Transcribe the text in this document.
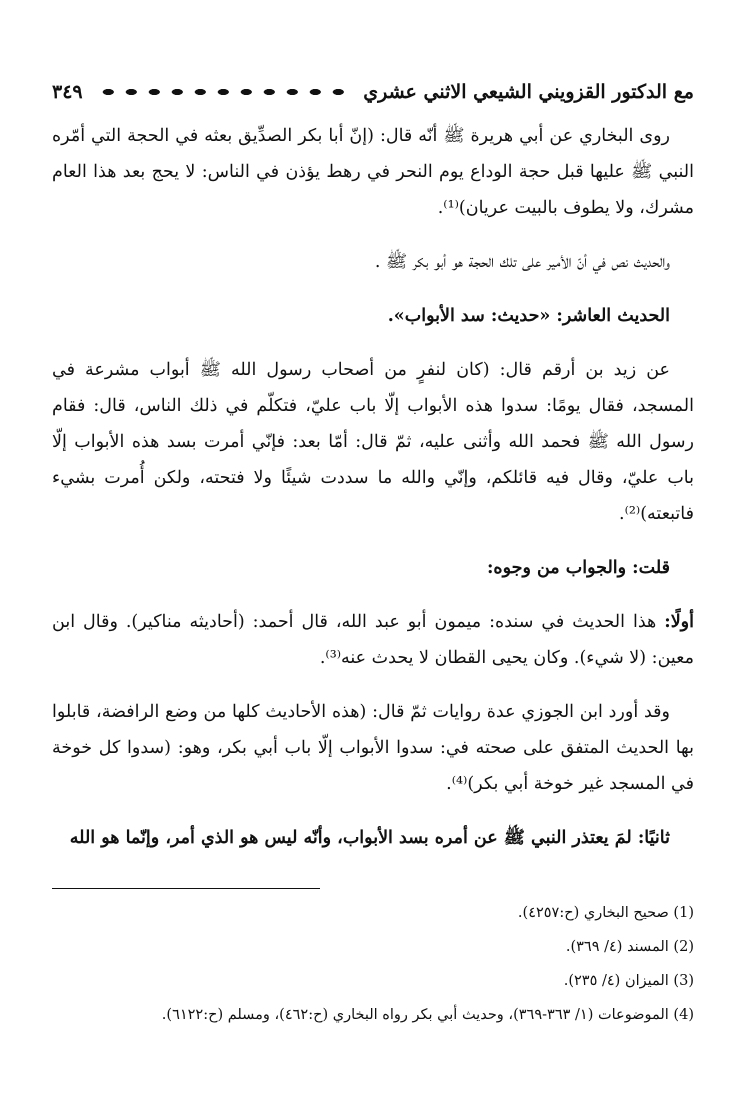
مع الدكتور القزويني الشيعي الاثني عشري
٣٤٩

روى البخاري عن أبي هريرة ﷺ أنّه قال: (إنّ أبا بكر الصدِّيق بعثه في الحجة التي أمّره النبي ﷺ عليها قبل حجة الوداع يوم النحر في رهط يؤذن في الناس: لا يحج بعد هذا العام مشرك، ولا يطوف بالبيت عريان)⁽¹⁾.

والحديث نص في أنّ الأمير على تلك الحجة هو أبو بكر ﷺ .

الحديث العاشر: «حديث: سد الأبواب».

عن زيد بن أرقم قال: (كان لنفرٍ من أصحاب رسول الله ﷺ أبواب مشرعة في المسجد، فقال يومًا: سدوا هذه الأبواب إلّا باب عليّ، فتكلّم في ذلك الناس، قال: فقام رسول الله ﷺ فحمد الله وأثنى عليه، ثمّ قال: أمّا بعد: فإنّي أمرت بسد هذه الأبواب إلّا باب عليّ، وقال فيه قائلكم، وإنّي والله ما سددت شيئًا ولا فتحته، ولكن أُمرت بشيء فاتبعته)⁽²⁾.

قلت: والجواب من وجوه:

أولًا: هذا الحديث في سنده: ميمون أبو عبد الله، قال أحمد: (أحاديثه مناكير). وقال ابن معين: (لا شيء). وكان يحيى القطان لا يحدث عنه⁽³⁾.

وقد أورد ابن الجوزي عدة روايات ثمّ قال: (هذه الأحاديث كلها من وضع الرافضة، قابلوا بها الحديث المتفق على صحته في: سدوا الأبواب إلّا باب أبي بكر، وهو: (سدوا كل خوخة في المسجد غير خوخة أبي بكر)⁽⁴⁾.

ثانيًا: لمَ يعتذر النبي ﷺ عن أمره بسد الأبواب، وأنّه ليس هو الذي أمر، وإنّما هو الله

(1) صحيح البخاري (ح:٤٢٥٧).

(2) المسند (٤/ ٣٦٩).

(3) الميزان (٤/ ٢٣٥).

(4) الموضوعات (١/ ٣٦٣-٣٦٩)، وحديث أبي بكر رواه البخاري (ح:٤٦٢)، ومسلم (ح:٦١٢٢).
